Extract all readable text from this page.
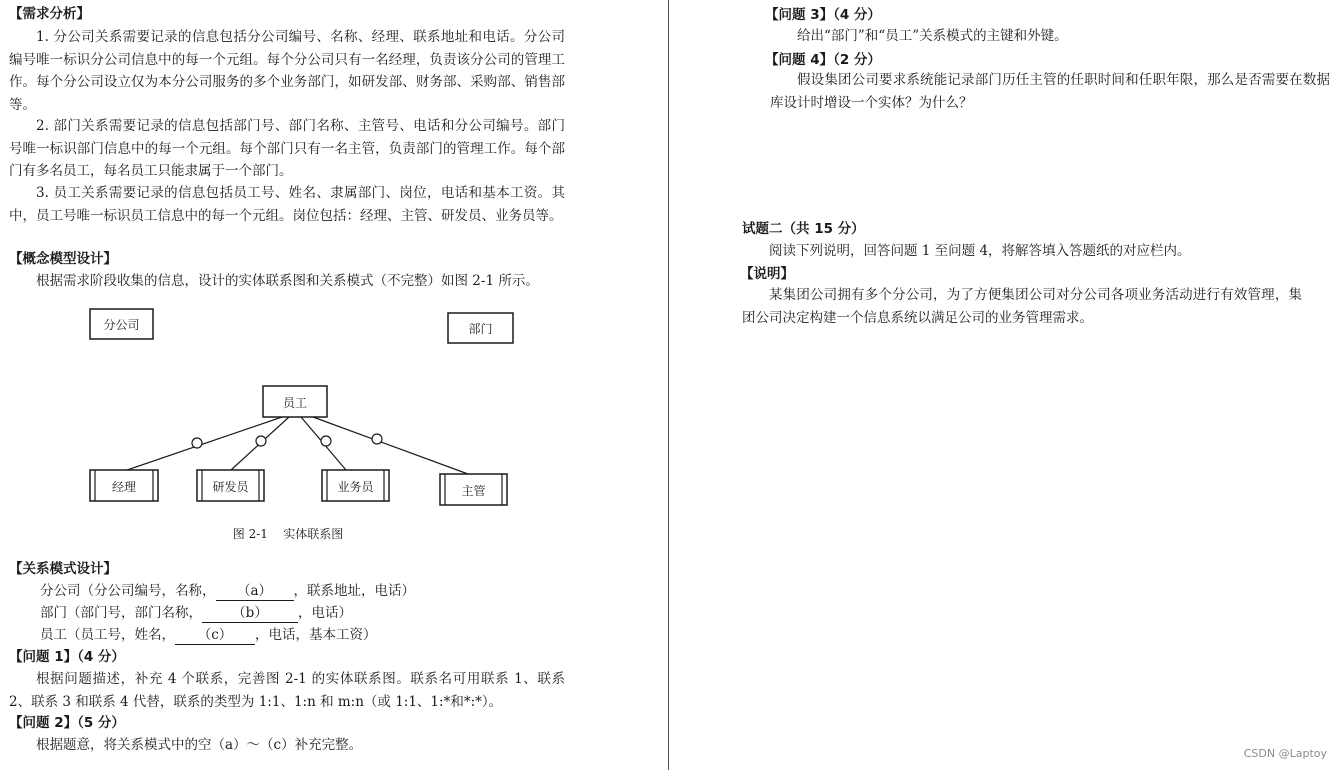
【需求分析】
1. 分公司关系需要记录的信息包括分公司编号、名称、经理、联系地址和电话。分公司编号唯一标识分公司信息中的每一个元组。每个分公司只有一名经理，负责该分公司的管理工作。每个分公司设立仅为本分公司服务的多个业务部门，如研发部、财务部、采购部、销售部等。
2. 部门关系需要记录的信息包括部门号、部门名称、主管号、电话和分公司编号。部门号唯一标识部门信息中的每一个元组。每个部门只有一名主管，负责部门的管理工作。每个部门有多名员工，每名员工只能隶属于一个部门。
3. 员工关系需要记录的信息包括员工号、姓名、隶属部门、岗位，电话和基本工资。其中，员工号唯一标识员工信息中的每一个元组。岗位包括：经理、主管、研发员、业务员等。
【概念模型设计】
根据需求阶段收集的信息，设计的实体联系图和关系模式（不完整）如图 2-1 所示。
【关系模式设计】
分公司（分公司编号，名称， （a） ，联系地址，电话）
部门（部门号，部门名称， （b） ，电话）
员工（员工号，姓名， （c） ，电话，基本工资）
【问题 1】（4 分）
根据问题描述，补充 4 个联系，完善图 2-1 的实体联系图。联系名可用联系 1、联系 2、联系 3 和联系 4 代替，联系的类型为 1:1、1:n 和 m:n（或 1:1、1:*和*:*）。
【问题 2】（5 分）
根据题意，将关系模式中的空（a）～（c）补充完整。
分公司	部门
员工
经理	研发员	业务员	主管
图 2-1    实体联系图
【问题 3】（4 分）
给出“部门”和“员工”关系模式的主键和外键。
【问题 4】（2 分）
假设集团公司要求系统能记录部门历任主管的任职时间和任职年限，那么是否需要在数据库设计时增设一个实体？为什么？
试题二（共 15 分）
阅读下列说明，回答问题 1 至问题 4，将解答填入答题纸的对应栏内。
【说明】
某集团公司拥有多个分公司，为了方便集团公司对分公司各项业务活动进行有效管理，集团公司决定构建一个信息系统以满足公司的业务管理需求。
CSDN @Laptoy
